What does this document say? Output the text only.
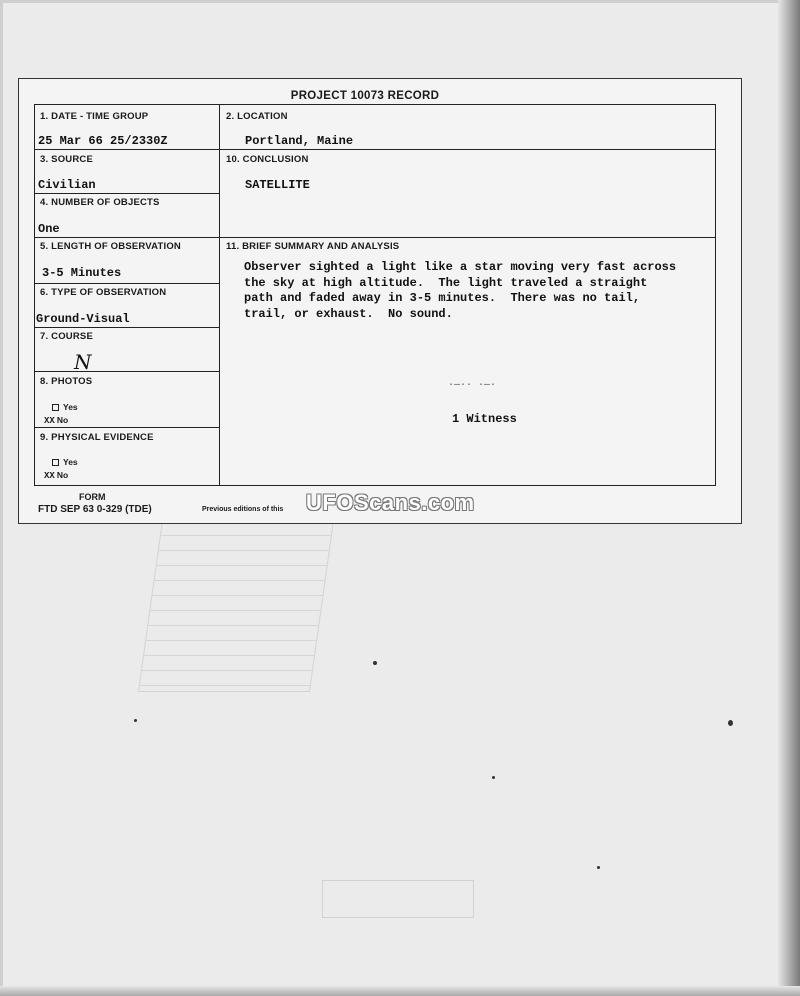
PROJECT 10073 RECORD
1. DATE - TIME GROUP
25 Mar 66 25/2330Z
2. LOCATION
Portland, Maine
3. SOURCE
Civilian
10. CONCLUSION
SATELLITE
4. NUMBER OF OBJECTS
One
5. LENGTH OF OBSERVATION
3-5 Minutes
11. BRIEF SUMMARY AND ANALYSIS
Observer sighted a light like a star moving very fast across
the sky at high altitude.  The light traveled a straight
path and faded away in 3-5 minutes.  There was no tail,
trail, or exhaust.  No sound.
·—·· ·—·
1 Witness
6. TYPE OF OBSERVATION
Ground-Visual
7. COURSE
N
8. PHOTOS
Yes
XX No
9. PHYSICAL EVIDENCE
Yes
XX No
FORM
FTD SEP 63 0-329 (TDE)	Previous editions of this UFOScans.com
